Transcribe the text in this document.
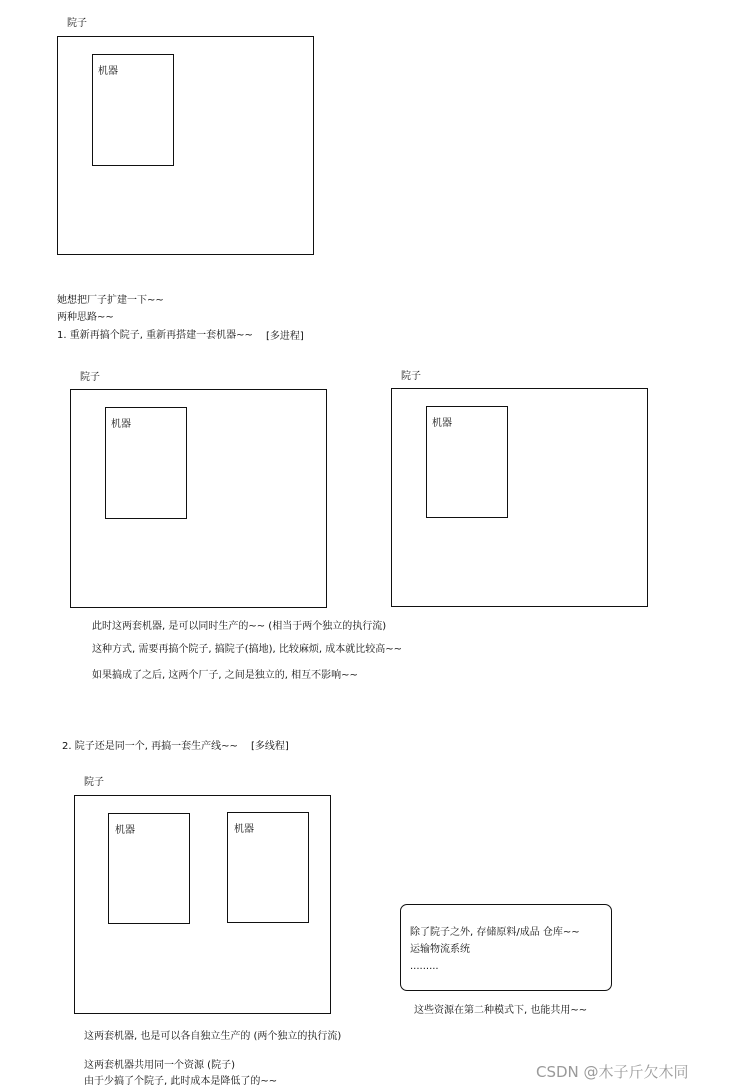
院子
机器
她想把厂子扩建一下~~
两种思路~~
1. 重新再搞个院子, 重新再搭建一套机器~~ [多进程]
院子
机器
院子
机器
此时这两套机器, 是可以同时生产的~~ (相当于两个独立的执行流)
这种方式, 需要再搞个院子, 搞院子(搞地), 比较麻烦, 成本就比较高~~
如果搞成了之后, 这两个厂子, 之间是独立的, 相互不影响~~
2. 院子还是同一个, 再搞一套生产线~~ [多线程]
院子
机器	机器
除了院子之外, 存储原料/成品 仓库~~
运输物流系统
.........
这些资源在第二种模式下, 也能共用~~
这两套机器, 也是可以各自独立生产的 (两个独立的执行流)
这两套机器共用同一个资源 (院子)
由于少搞了个院子, 此时成本是降低了的~~
CSDN @木子斤欠木同
